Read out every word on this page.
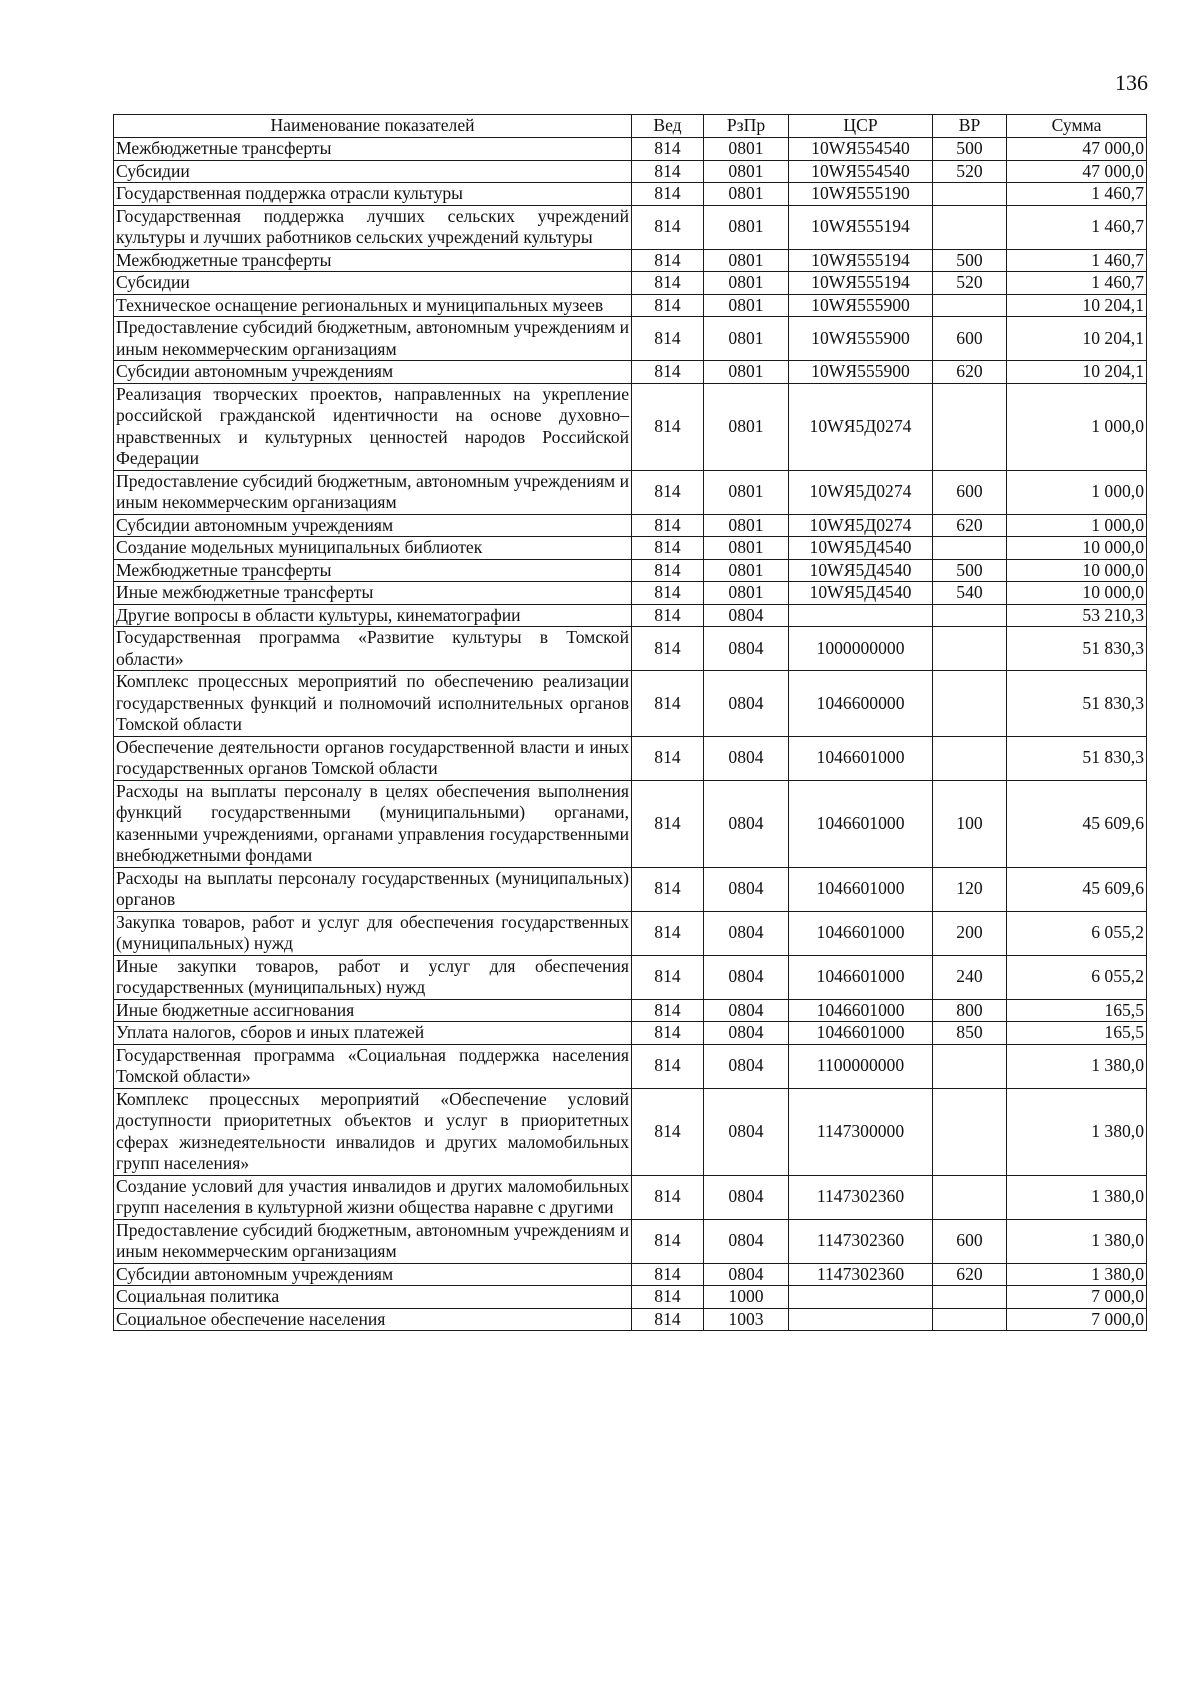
136
Наименование показателей	Вед	РзПр	ЦСР	ВР	Сумма
Межбюджетные трансферты	814	0801	10WЯ554540	500	47 000,0
Субсидии	814	0801	10WЯ554540	520	47 000,0
Государственная поддержка отрасли культуры	814	0801	10WЯ555190		1 460,7
Государственная поддержка лучших сельских учреждений культуры и лучших работников сельских учреждений культуры	814	0801	10WЯ555194		1 460,7
Межбюджетные трансферты	814	0801	10WЯ555194	500	1 460,7
Субсидии	814	0801	10WЯ555194	520	1 460,7
Техническое оснащение региональных и муниципальных музеев	814	0801	10WЯ555900		10 204,1
Предоставление субсидий бюджетным, автономным учреждениям и иным некоммерческим организациям	814	0801	10WЯ555900	600	10 204,1
Субсидии автономным учреждениям	814	0801	10WЯ555900	620	10 204,1
Реализация творческих проектов, направленных на укрепление российской гражданской идентичности на основе духовно–нравственных и культурных ценностей народов Российской Федерации	814	0801	10WЯ5Д0274		1 000,0
Предоставление субсидий бюджетным, автономным учреждениям и иным некоммерческим организациям	814	0801	10WЯ5Д0274	600	1 000,0
Субсидии автономным учреждениям	814	0801	10WЯ5Д0274	620	1 000,0
Создание модельных муниципальных библиотек	814	0801	10WЯ5Д4540		10 000,0
Межбюджетные трансферты	814	0801	10WЯ5Д4540	500	10 000,0
Иные межбюджетные трансферты	814	0801	10WЯ5Д4540	540	10 000,0
Другие вопросы в области культуры, кинематографии	814	0804			53 210,3
Государственная программа «Развитие культуры в Томской области»	814	0804	1000000000		51 830,3
Комплекс процессных мероприятий по обеспечению реализации государственных функций и полномочий исполнительных органов Томской области	814	0804	1046600000		51 830,3
Обеспечение деятельности органов государственной власти и иных государственных органов Томской области	814	0804	1046601000		51 830,3
Расходы на выплаты персоналу в целях обеспечения выполнения функций государственными (муниципальными) органами, казенными учреждениями, органами управления государственными внебюджетными фондами	814	0804	1046601000	100	45 609,6
Расходы на выплаты персоналу государственных (муниципальных) органов	814	0804	1046601000	120	45 609,6
Закупка товаров, работ и услуг для обеспечения государственных (муниципальных) нужд	814	0804	1046601000	200	6 055,2
Иные закупки товаров, работ и услуг для обеспечения государственных (муниципальных) нужд	814	0804	1046601000	240	6 055,2
Иные бюджетные ассигнования	814	0804	1046601000	800	165,5
Уплата налогов, сборов и иных платежей	814	0804	1046601000	850	165,5
Государственная программа «Социальная поддержка населения Томской области»	814	0804	1100000000		1 380,0
Комплекс процессных мероприятий «Обеспечение условий доступности приоритетных объектов и услуг в приоритетных сферах жизнедеятельности инвалидов и других маломобильных групп населения»	814	0804	1147300000		1 380,0
Создание условий для участия инвалидов и других маломобильных групп населения в культурной жизни общества наравне с другими	814	0804	1147302360		1 380,0
Предоставление субсидий бюджетным, автономным учреждениям и иным некоммерческим организациям	814	0804	1147302360	600	1 380,0
Субсидии автономным учреждениям	814	0804	1147302360	620	1 380,0
Социальная политика	814	1000			7 000,0
Социальное обеспечение населения	814	1003			7 000,0
